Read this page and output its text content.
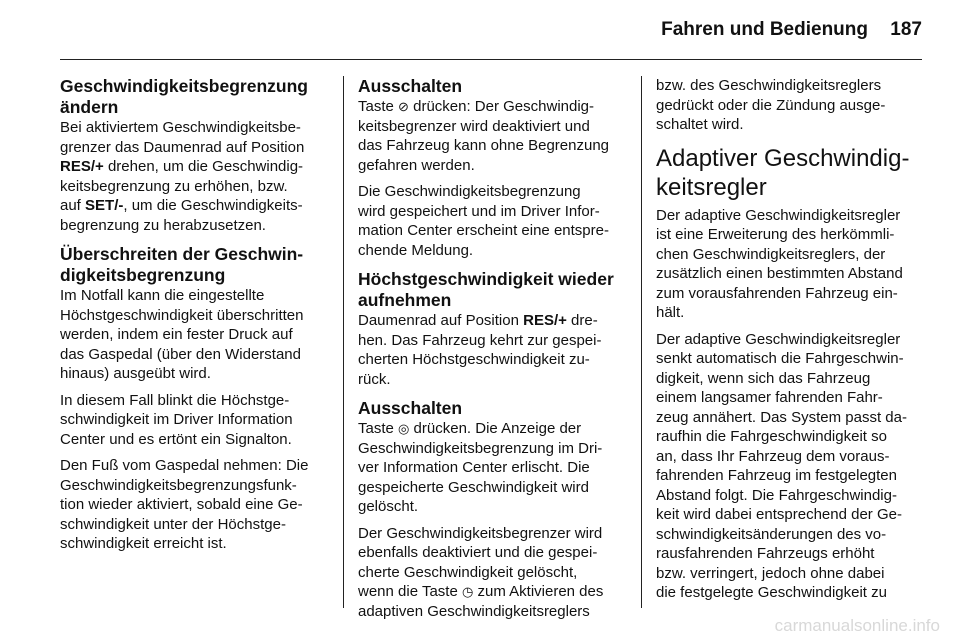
Fahren und Bedienung 187
Geschwindigkeitsbegrenzung
ändern
Bei aktiviertem Geschwindigkeitsbe-
grenzer das Daumenrad auf Position
RES/+ drehen, um die Geschwindig-
keitsbegrenzung zu erhöhen, bzw.
auf SET/-, um die Geschwindigkeits-
begrenzung zu herabzusetzen.
Überschreiten der Geschwin-
digkeitsbegrenzung
Im Notfall kann die eingestellte
Höchstgeschwindigkeit überschritten
werden, indem ein fester Druck auf
das Gaspedal (über den Widerstand
hinaus) ausgeübt wird.
In diesem Fall blinkt die Höchstge-
schwindigkeit im Driver Information
Center und es ertönt ein Signalton.
Den Fuß vom Gaspedal nehmen: Die
Geschwindigkeitsbegrenzungsfunk-
tion wieder aktiviert, sobald eine Ge-
schwindigkeit unter der Höchstge-
schwindigkeit erreicht ist.
Ausschalten
Taste ⊘ drücken: Der Geschwindig-
keitsbegrenzer wird deaktiviert und
das Fahrzeug kann ohne Begrenzung
gefahren werden.
Die Geschwindigkeitsbegrenzung
wird gespeichert und im Driver Infor-
mation Center erscheint eine entspre-
chende Meldung.
Höchstgeschwindigkeit wieder
aufnehmen
Daumenrad auf Position RES/+ dre-
hen. Das Fahrzeug kehrt zur gespei-
cherten Höchstgeschwindigkeit zu-
rück.
Ausschalten
Taste ◎ drücken. Die Anzeige der
Geschwindigkeitsbegrenzung im Dri-
ver Information Center erlischt. Die
gespeicherte Geschwindigkeit wird
gelöscht.
Der Geschwindigkeitsbegrenzer wird
ebenfalls deaktiviert und die gespei-
cherte Geschwindigkeit gelöscht,
wenn die Taste ◷ zum Aktivieren des
adaptiven Geschwindigkeitsreglers
bzw. des Geschwindigkeitsreglers
gedrückt oder die Zündung ausge-
schaltet wird.
Adaptiver Geschwindig-
keitsregler
Der adaptive Geschwindigkeitsregler
ist eine Erweiterung des herkömmli-
chen Geschwindigkeitsreglers, der
zusätzlich einen bestimmten Abstand
zum vorausfahrenden Fahrzeug ein-
hält.
Der adaptive Geschwindigkeitsregler
senkt automatisch die Fahrgeschwin-
digkeit, wenn sich das Fahrzeug
einem langsamer fahrenden Fahr-
zeug annähert. Das System passt da-
raufhin die Fahrgeschwindigkeit so
an, dass Ihr Fahrzeug dem voraus-
fahrenden Fahrzeug im festgelegten
Abstand folgt. Die Fahrgeschwindig-
keit wird dabei entsprechend der Ge-
schwindigkeitsänderungen des vo-
rausfahrenden Fahrzeugs erhöht
bzw. verringert, jedoch ohne dabei
die festgelegte Geschwindigkeit zu
carmanualsonline.info
